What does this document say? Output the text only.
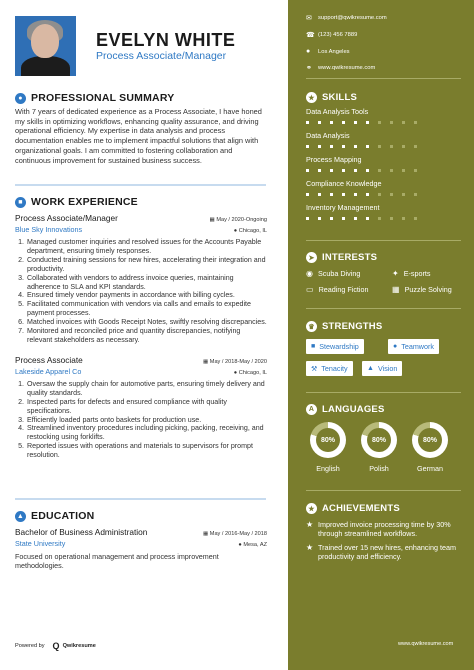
EVELYN WHITE
Process Associate/Manager
● PROFESSIONAL SUMMARY
With 7 years of dedicated experience as a Process Associate, I have honed my skills in optimizing workflows, enhancing quality assurance, and driving operational efficiency. My expertise in data analysis and process documentation enables me to implement impactful solutions that align with organizational goals. I am committed to fostering collaboration and continuous improvement for sustained business success.
■ WORK EXPERIENCE
Process Associate/Manager	▦ May / 2020-Ongoing
Blue Sky Innovations	● Chicago, IL
1. Managed customer inquiries and resolved issues for the Accounts Payable department, ensuring timely responses.
2. Conducted training sessions for new hires, accelerating their integration and productivity.
3. Collaborated with vendors to address invoice queries, maintaining adherence to SLA and KPI standards.
4. Ensured timely vendor payments in accordance with billing cycles.
5. Facilitated communication with vendors via calls and emails to expedite payment processes.
6. Matched invoices with Goods Receipt Notes, swiftly resolving discrepancies.
7. Monitored and reconciled price and quantity discrepancies, notifying relevant stakeholders as necessary.
Process Associate	▦ May / 2018-May / 2020
Lakeside Apparel Co	● Chicago, IL
1. Oversaw the supply chain for automotive parts, ensuring timely delivery and quality standards.
2. Inspected parts for defects and ensured compliance with quality specifications.
3. Efficiently loaded parts onto baskets for production use.
4. Streamlined inventory procedures including picking, packing, receiving, and restocking using forklifts.
5. Reported issues with operations and materials to supervisors for prompt resolution.
▲ EDUCATION
Bachelor of Business Administration	▦ May / 2016-May / 2018
State University	● Mesa, AZ
Focused on operational management and process improvement methodologies.
Powered by Q Qwikresume
✉	support@qwikresume.com
☎ (123) 456 7889
●	Los Angeles
⚭	www.qwikresume.com
★ SKILLS
Data Analysis Tools
Data Analysis
Process Mapping
Compliance Knowledge
Inventory Management
➤ INTERESTS
◉ Scuba Diving	✦ E-sports
▭ Reading Fiction	▦ Puzzle Solving
♛ STRENGTHS
■ Stewardship	● Teamwork
⚒ Tenacity	▲ Vision
A LANGUAGES
80%	80%	80%
English	Polish	German
★ ACHIEVEMENTS
★ Improved invoice processing time by 30% through streamlined workflows.
★ Trained over 15 new hires, enhancing team productivity and efficiency.
www.qwikresume.com
